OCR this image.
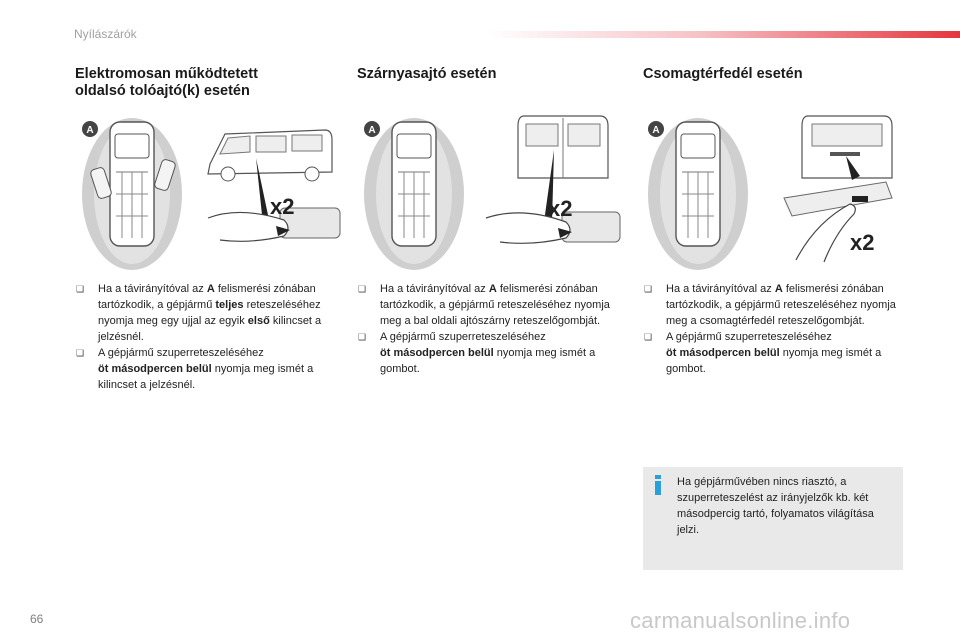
Nyílászárók
Elektromosan működtetett
oldalsó tolóajtó(k) esetén
Szárnyasajtó esetén	Csomagtérfedél esetén
A
x2
A
x2
A
x2
❑ Ha a távirányítóval az A felismerési zónában tartózkodik, a gépjármű teljes reteszeléséhez nyomja meg egy ujjal az egyik első kilincset a jelzésnél.
❑ A gépjármű szuperreteszeléséhez
öt másodpercen belül nyomja meg ismét a kilincset a jelzésnél.
❑ Ha a távirányítóval az A felismerési zónában tartózkodik, a gépjármű reteszeléséhez nyomja meg a bal oldali ajtószárny reteszelőgombját.
❑ A gépjármű szuperreteszeléséhez
öt másodpercen belül nyomja meg ismét a gombot.
❑ Ha a távirányítóval az A felismerési zónában tartózkodik, a gépjármű reteszeléséhez nyomja meg a csomagtérfedél reteszelőgombját.
❑ A gépjármű szuperreteszeléséhez
öt másodpercen belül nyomja meg ismét a gombot.
Ha gépjárművében nincs riasztó, a szuperreteszelést az irányjelzők kb. két másodpercig tartó, folyamatos világítása jelzi.
66	carmanualsonline.info
